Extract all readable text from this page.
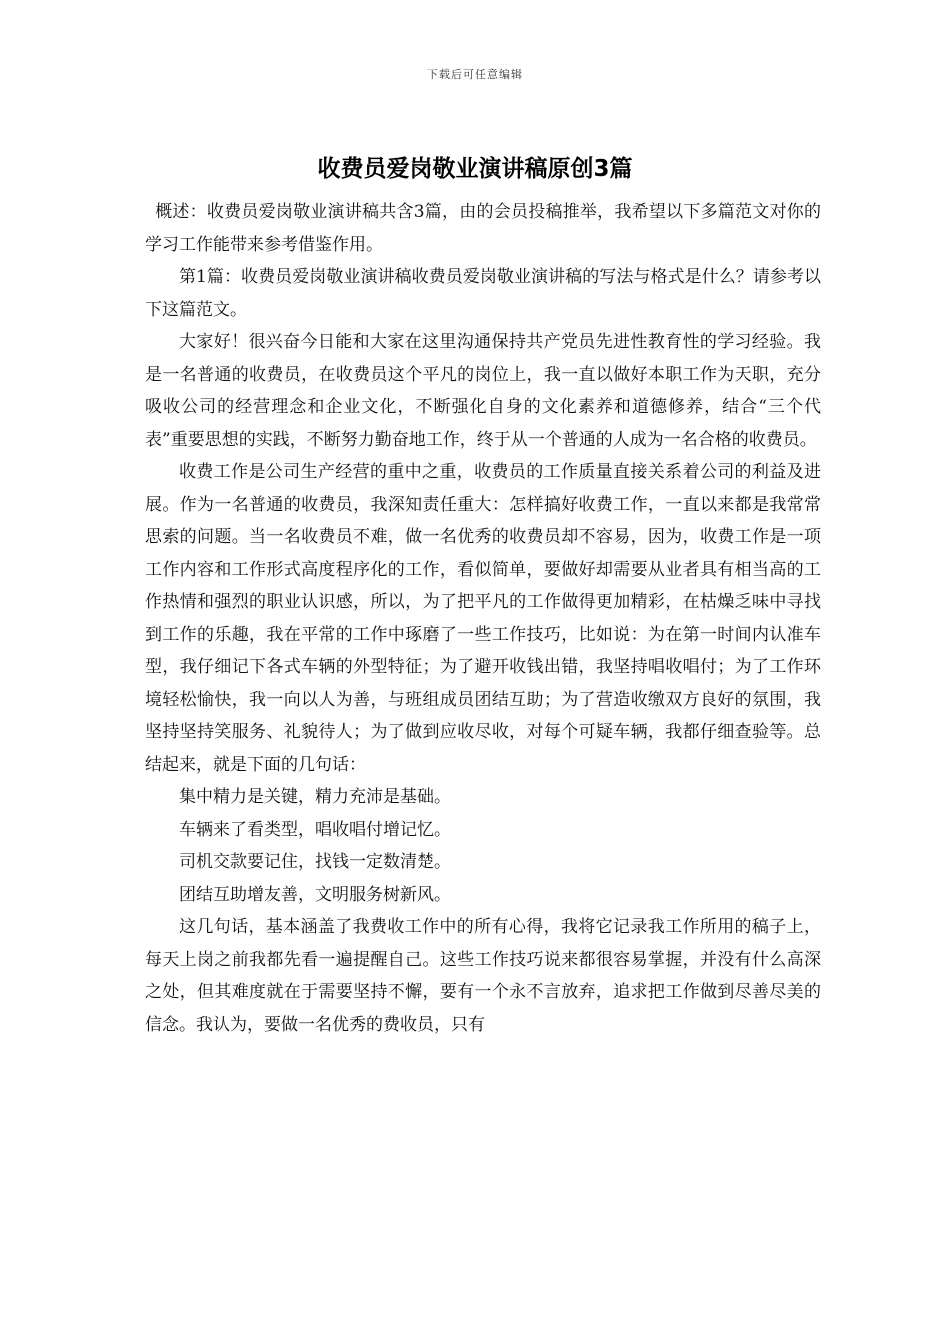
下载后可任意编辑
收费员爱岗敬业演讲稿原创3篇

概述：收费员爱岗敬业演讲稿共含3篇，由的会员投稿推举，我希望以下多篇范文对你的学习工作能带来参考借鉴作用。

第1篇：收费员爱岗敬业演讲稿收费员爱岗敬业演讲稿的写法与格式是什么？请参考以下这篇范文。

大家好！很兴奋今日能和大家在这里沟通保持共产党员先进性教育性的学习经验。我是一名普通的收费员，在收费员这个平凡的岗位上，我一直以做好本职工作为天职，充分吸收公司的经营理念和企业文化，不断强化自身的文化素养和道德修养，结合“三个代表”重要思想的实践，不断努力勤奋地工作，终于从一个普通的人成为一名合格的收费员。

收费工作是公司生产经营的重中之重，收费员的工作质量直接关系着公司的利益及进展。作为一名普通的收费员，我深知责任重大：怎样搞好收费工作，一直以来都是我常常思索的问题。当一名收费员不难，做一名优秀的收费员却不容易，因为，收费工作是一项工作内容和工作形式高度程序化的工作，看似简单，要做好却需要从业者具有相当高的工作热情和强烈的职业认识感，所以，为了把平凡的工作做得更加精彩，在枯燥乏味中寻找到工作的乐趣，我在平常的工作中琢磨了一些工作技巧，比如说：为在第一时间内认准车型，我仔细记下各式车辆的外型特征；为了避开收钱出错，我坚持唱收唱付；为了工作环境轻松愉快，我一向以人为善，与班组成员团结互助；为了营造收缴双方良好的氛围，我坚持坚持笑服务、礼貌待人；为了做到应收尽收，对每个可疑车辆，我都仔细查验等。总结起来，就是下面的几句话：

集中精力是关键，精力充沛是基础。

车辆来了看类型，唱收唱付增记忆。

司机交款要记住，找钱一定数清楚。

团结互助增友善，文明服务树新风。

这几句话，基本涵盖了我费收工作中的所有心得，我将它记录我工作所用的稿子上，每天上岗之前我都先看一遍提醒自己。这些工作技巧说来都很容易掌握，并没有什么高深之处，但其难度就在于需要坚持不懈，要有一个永不言放弃，追求把工作做到尽善尽美的信念。我认为，要做一名优秀的费收员，只有
